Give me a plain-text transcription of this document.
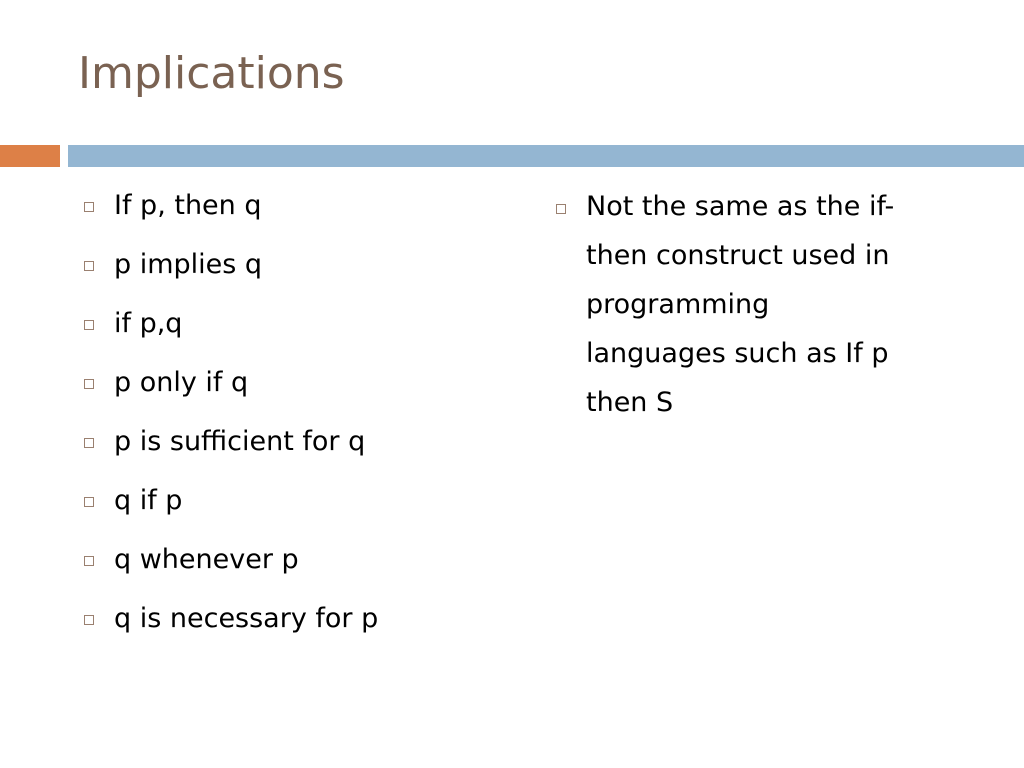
Implications
If p, then q
p implies q
if p,q
p only if q
p is sufficient for q
q if p
q whenever p
q is necessary for p
Not the same as the if-
then construct used in
programming
languages such as If p
then S
